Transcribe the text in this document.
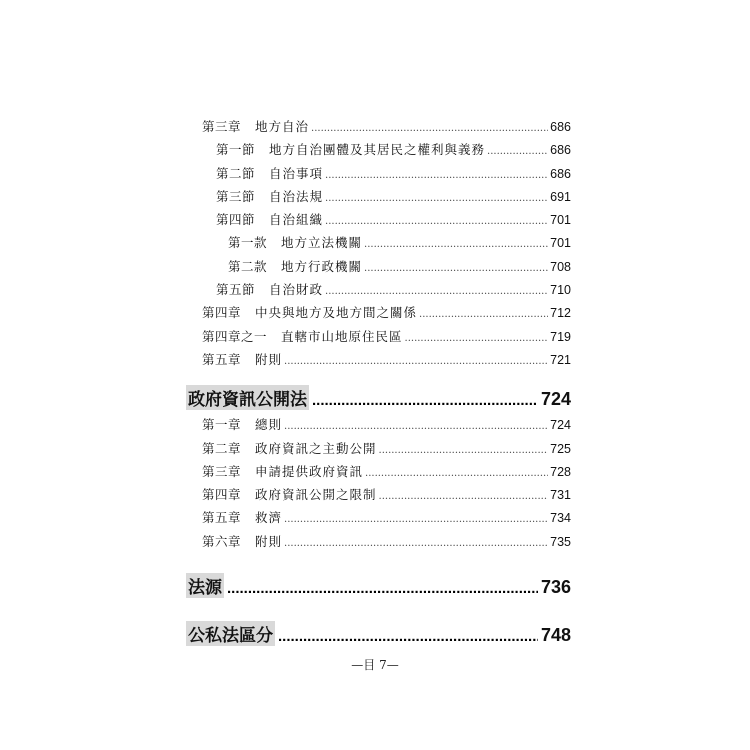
第三章 地方自治 .....	686
第一節 地方自治團體及其居民之權利與義務 .....	686
第二節 自治事項 .....	686
第三節 自治法規 .....	691
第四節 自治組織 .....	701
第一款 地方立法機關 .....	701
第二款 地方行政機關 .....	708
第五節 自治財政 .....	710
第四章 中央與地方及地方間之關係 .....	712
第四章之一 直轄市山地原住民區 .....	719
第五章 附則 .....	721
政府資訊公開法 .....	724
第一章 總則 .....	724
第二章 政府資訊之主動公開 .....	725
第三章 申請提供政府資訊 .....	728
第四章 政府資訊公開之限制 .....	731
第五章 救濟 .....	734
第六章 附則 .....	735
法源 .....	736
公私法區分 .....	748
—目 7—
